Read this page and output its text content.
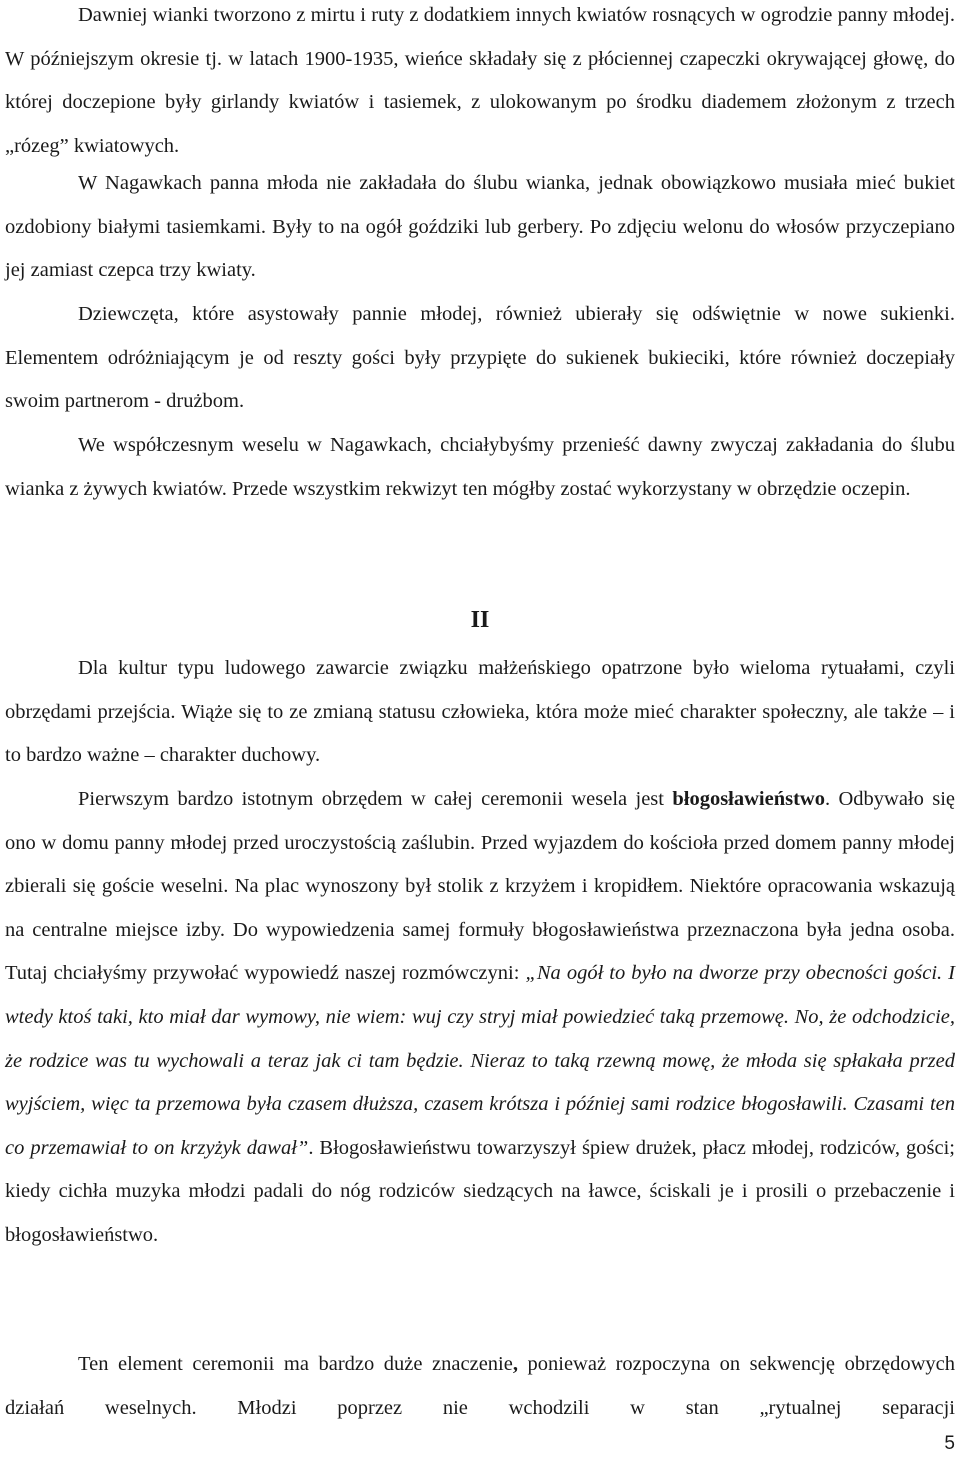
Dawniej wianki tworzono z mirtu i ruty z dodatkiem innych kwiatów rosnących w ogrodzie panny młodej. W późniejszym okresie tj. w latach 1900-1935, wieńce składały się z płóciennej czapeczki okrywającej głowę, do której doczepione były girlandy kwiatów i tasiemek, z ulokowanym po środku diademem złożonym z trzech „rózeg” kwiatowych.

W Nagawkach panna młoda nie zakładała do ślubu wianka, jednak obowiązkowo musiała mieć bukiet ozdobiony białymi tasiemkami. Były to na ogół goździki lub gerbery. Po zdjęciu welonu do włosów przyczepiano jej zamiast czepca trzy kwiaty.

Dziewczęta, które asystowały pannie młodej, również ubierały się odświętnie w nowe sukienki. Elementem odróżniającym je od reszty gości były przypięte do sukienek bukieciki, które również doczepiały swoim partnerom - drużbom.

We współczesnym weselu w Nagawkach, chciałybyśmy przenieść dawny zwyczaj zakładania do ślubu wianka z żywych kwiatów. Przede wszystkim rekwizyt ten mógłby zostać wykorzystany w obrzędzie oczepin.

II

Dla kultur typu ludowego zawarcie związku małżeńskiego opatrzone było wieloma rytuałami, czyli obrzędami przejścia. Wiąże się to ze zmianą statusu człowieka, która może mieć charakter społeczny, ale także – i to bardzo ważne – charakter duchowy.

Pierwszym bardzo istotnym obrzędem w całej ceremonii wesela jest błogosławieństwo. Odbywało się ono w domu panny młodej przed uroczystością zaślubin. Przed wyjazdem do kościoła przed domem panny młodej zbierali się goście weselni. Na plac wynoszony był stolik z krzyżem i kropidłem. Niektóre opracowania wskazują na centralne miejsce izby. Do wypowiedzenia samej formuły błogosławieństwa przeznaczona była jedna osoba. Tutaj chciałyśmy przywołać wypowiedź naszej rozmówczyni: „Na ogół to było na dworze przy obecności gości. I wtedy ktoś taki, kto miał dar wymowy, nie wiem: wuj czy stryj miał powiedzieć taką przemowę. No, że odchodzicie, że rodzice was tu wychowali a teraz jak ci tam będzie. Nieraz to taką rzewną mowę, że młoda się spłakała przed wyjściem, więc ta przemowa była czasem dłuższa, czasem krótsza i później sami rodzice błogosławili. Czasami ten co przemawiał to on krzyżyk dawał”. Błogosławieństwu towarzyszył śpiew drużek, płacz młodej, rodziców, gości; kiedy cichła muzyka młodzi padali do nóg rodziców siedzących na ławce, ściskali je i prosili o przebaczenie i błogosławieństwo.

Ten element ceremonii ma bardzo duże znaczenie, ponieważ rozpoczyna on sekwencję obrzędowych działań weselnych. Młodzi poprzez nie wchodzili w stan „rytualnej separacji

5
